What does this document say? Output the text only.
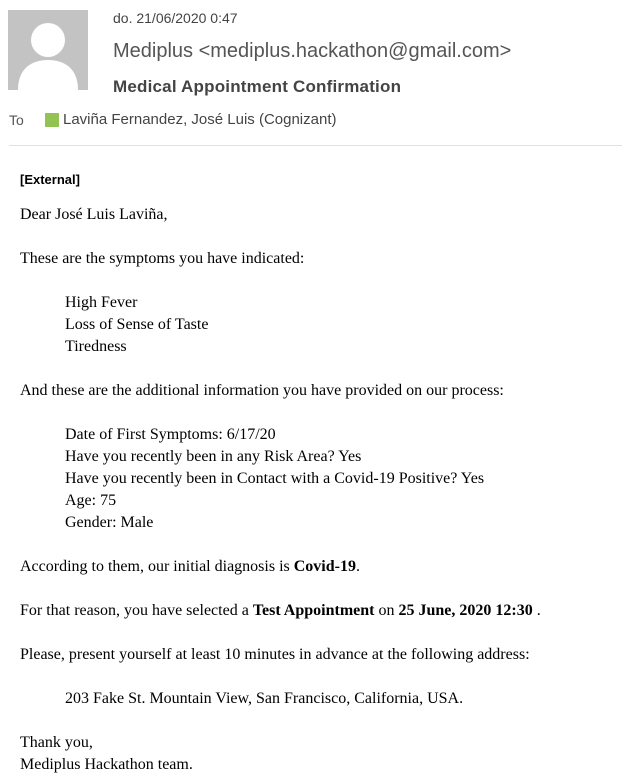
do. 21/06/2020 0:47
Mediplus <mediplus.hackathon@gmail.com>
Medical Appointment Confirmation
To	Laviña Fernandez, José Luis (Cognizant)
[External]
Dear José Luis Laviña,
These are the symptoms you have indicated:
High Fever
Loss of Sense of Taste
Tiredness
And these are the additional information you have provided on our process:
Date of First Symptoms: 6/17/20
Have you recently been in any Risk Area? Yes
Have you recently been in Contact with a Covid-19 Positive? Yes
Age: 75
Gender: Male
According to them, our initial diagnosis is Covid-19.
For that reason, you have selected a Test Appointment on 25 June, 2020 12:30 .
Please, present yourself at least 10 minutes in advance at the following address:
203 Fake St. Mountain View, San Francisco, California, USA.
Thank you,
Mediplus Hackathon team.
